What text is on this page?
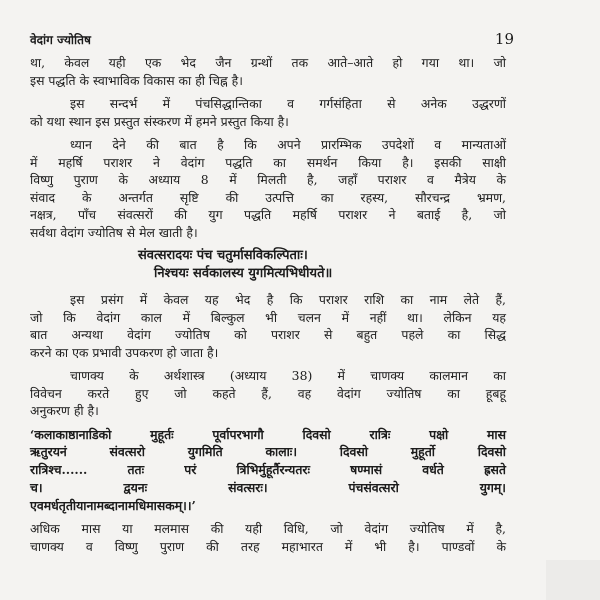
वेदांग ज्योतिष	19

था, केवल यही एक भेद जैन ग्रन्थों तक आते–आते हो गया था। जो
इस पद्धति के स्वाभाविक विकास का ही चिह्न है।

इस सन्दर्भ में पंचसिद्धान्तिका व गर्गसंहिता से अनेक उद्धरणों
को यथा स्थान इस प्रस्तुत संस्करण में हमने प्रस्तुत किया है।

ध्यान देने की बात है कि अपने प्रारम्भिक उपदेशों व मान्यताओं
में महर्षि पराशर ने वेदांग पद्धति का समर्थन किया है। इसकी साक्षी
विष्णु पुराण के अध्याय 8 में मिलती है, जहाँ पराशर व मैत्रेय के
संवाद के अन्तर्गत सृष्टि की उत्पत्ति का रहस्य, सौरचन्द्र भ्रमण,
नक्षत्र, पाँच संवत्सरों की युग पद्धति महर्षि पराशर ने बताई है, जो
सर्वथा वेदांग ज्योतिष से मेल खाती है।

संवत्सरादयः पंच चतुर्मासविकल्पिताः।
निश्चयः सर्वकालस्य युगमित्यभिधीयते॥

इस प्रसंग में केवल यह भेद है कि पराशर राशि का नाम लेते हैं,
जो कि वेदांग काल में बिल्कुल भी चलन में नहीं था। लेकिन यह
बात अन्यथा वेदांग ज्योतिष को पराशर से बहुत पहले का सिद्ध
करने का एक प्रभावी उपकरण हो जाता है।

चाणक्य के अर्थशास्त्र (अध्याय 38) में चाणक्य कालमान का
विवेचन करते हुए जो कहते हैं, वह वेदांग ज्योतिष का हूबहू
अनुकरण ही है।

‘कलाकाष्ठानाडिको मुहूर्तः पूर्वापरभागौ दिवसो रात्रिः पक्षो मास
ऋतुरयनं संवत्सरो युगमिति कालाः। दिवसो मुहूर्तो दिवसो
रात्रिश्च...... ततः परं त्रिभिर्मुहूर्तैरन्यतरः षण्मासं वर्धते ह्रसते
च। द्वयनः संवत्सरः। पंचसंवत्सरो युगम्।
एवमर्धतृतीयानामब्दानामधिमासकम्।।’

अधिक मास या मलमास की यही विधि, जो वेदांग ज्योतिष में है,
चाणक्य व विष्णु पुराण की तरह महाभारत में भी है। पाण्डवों के
